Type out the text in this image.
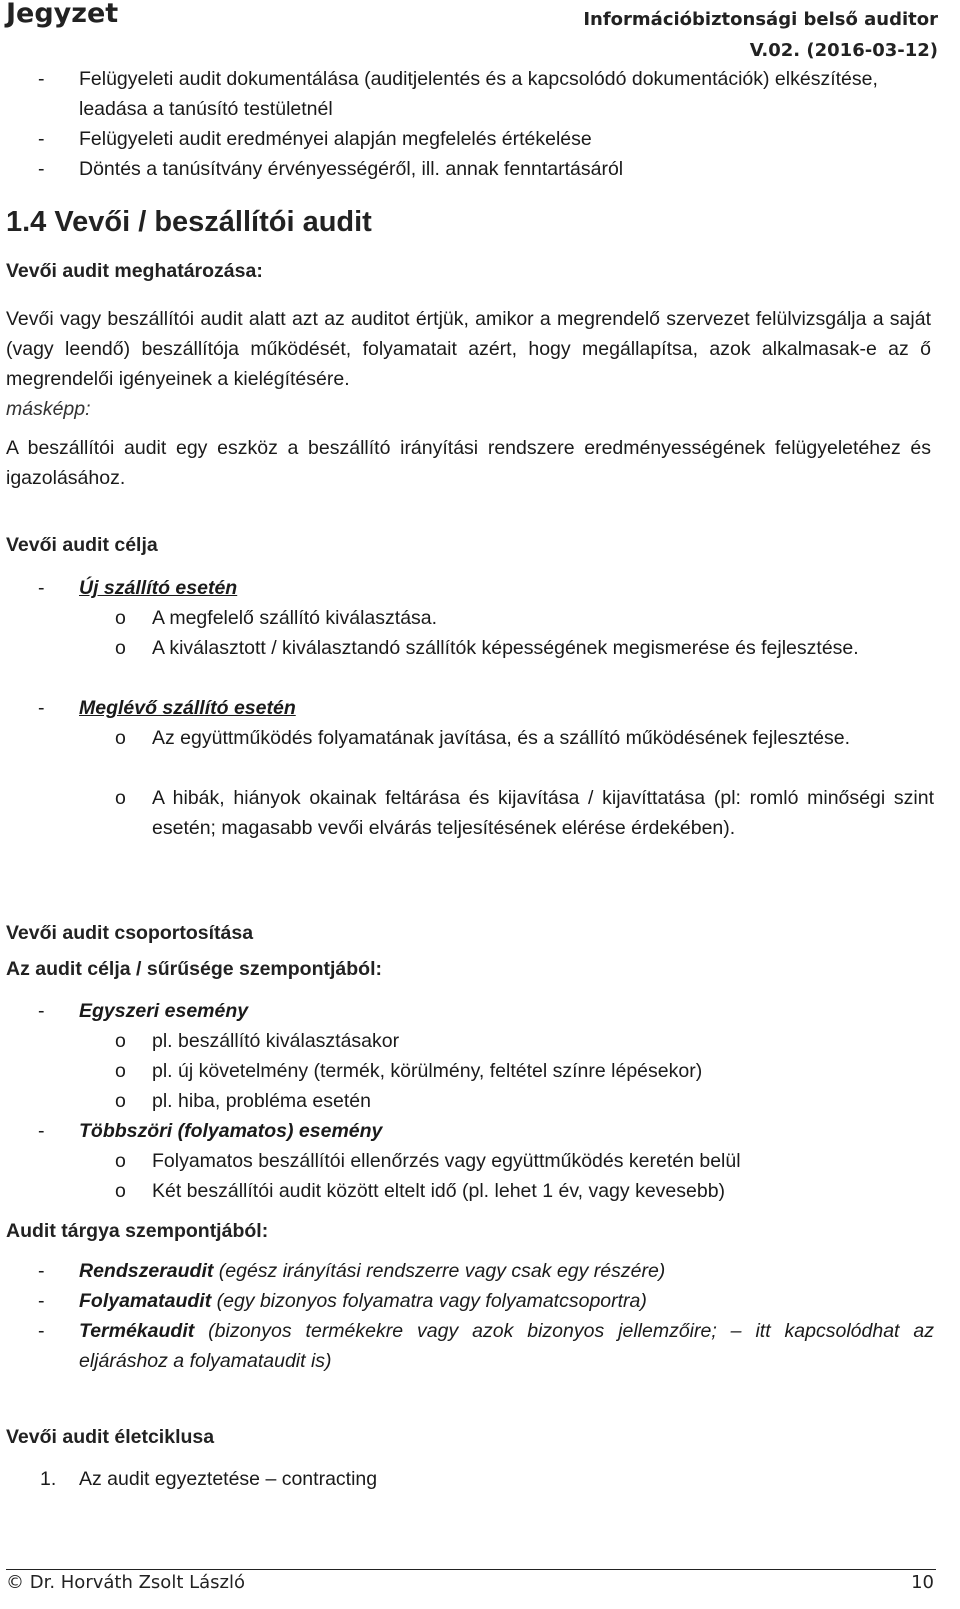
Jegyzet	Információbiztonsági belső auditor
V.02. (2016-03-12)
- Felügyeleti audit dokumentálása (auditjelentés és a kapcsolódó dokumentációk) elkészítése, leadása a tanúsító testületnél
- Felügyeleti audit eredményei alapján megfelelés értékelése
- Döntés a tanúsítvány érvényességéről, ill. annak fenntartásáról
1.4 Vevői / beszállítói audit
Vevői audit meghatározása:
Vevői vagy beszállítói audit alatt azt az auditot értjük, amikor a megrendelő szervezet felülvizsgálja a saját (vagy leendő) beszállítója működését, folyamatait azért, hogy megállapítsa, azok alkalmasak-e az ő megrendelői igényeinek a kielégítésére.
másképp:
A beszállítói audit egy eszköz a beszállító irányítási rendszere eredményességének felügyeletéhez és igazolásához.
Vevői audit célja
- Új szállító esetén
o A megfelelő szállító kiválasztása.
o A kiválasztott / kiválasztandó szállítók képességének megismerése és fejlesztése.
- Meglévő szállító esetén
o Az együttműködés folyamatának javítása, és a szállító működésének fejlesztése.
o A hibák, hiányok okainak feltárása és kijavítása / kijavíttatása (pl: romló minőségi szint esetén; magasabb vevői elvárás teljesítésének elérése érdekében).
Vevői audit csoportosítása
Az audit célja / sűrűsége szempontjából:
- Egyszeri esemény
o pl. beszállító kiválasztásakor
o pl. új követelmény (termék, körülmény, feltétel színre lépésekor)
o pl. hiba, probléma esetén
- Többszöri (folyamatos) esemény
o Folyamatos beszállítói ellenőrzés vagy együttműködés keretén belül
o Két beszállítói audit között eltelt idő (pl. lehet 1 év, vagy kevesebb)
Audit tárgya szempontjából:
- Rendszeraudit (egész irányítási rendszerre vagy csak egy részére)
- Folyamataudit (egy bizonyos folyamatra vagy folyamatcsoportra)
- Termékaudit (bizonyos termékekre vagy azok bizonyos jellemzőire; – itt kapcsolódhat az eljáráshoz a folyamataudit is)
Vevői audit életciklusa
1. Az audit egyeztetése – contracting
© Dr. Horváth Zsolt László	10
